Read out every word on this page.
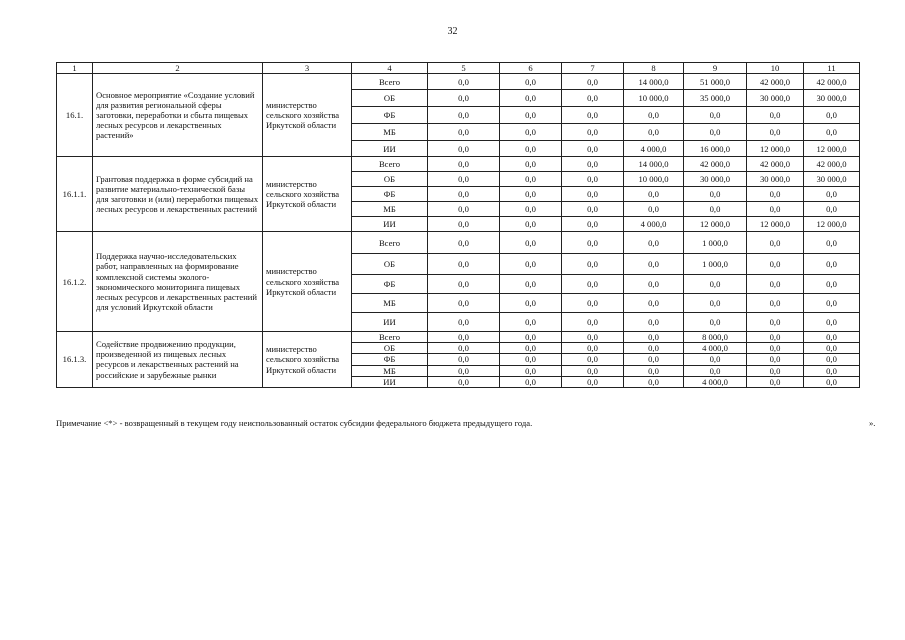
32
1	2	3	4	5	6	7	8	9	10	11
16.1.	Основное мероприятие «Создание условий для развития региональной сферы заготовки, переработки и сбыта пищевых лесных ресурсов и лекарственных растений»	министерство сельского хозяйства Иркутской области	Всего	0,0	0,0	0,0	14 000,0	51 000,0	42 000,0	42 000,0
			ОБ	0,0	0,0	0,0	10 000,0	35 000,0	30 000,0	30 000,0
			ФБ	0,0	0,0	0,0	0,0	0,0	0,0	0,0
			МБ	0,0	0,0	0,0	0,0	0,0	0,0	0,0
			ИИ	0,0	0,0	0,0	4 000,0	16 000,0	12 000,0	12 000,0
16.1.1.	Грантовая поддержка в форме субсидий на развитие материально-технической базы для заготовки и (или) переработки пищевых лесных ресурсов и лекарственных растений	министерство сельского хозяйства Иркутской области	Всего	0,0	0,0	0,0	14 000,0	42 000,0	42 000,0	42 000,0
			ОБ	0,0	0,0	0,0	10 000,0	30 000,0	30 000,0	30 000,0
			ФБ	0,0	0,0	0,0	0,0	0,0	0,0	0,0
			МБ	0,0	0,0	0,0	0,0	0,0	0,0	0,0
			ИИ	0,0	0,0	0,0	4 000,0	12 000,0	12 000,0	12 000,0
16.1.2.	Поддержка научно-исследовательских работ, направленных на формирование комплексной системы эколого-экономического мониторинга пищевых лесных ресурсов и лекарственных растений для условий Иркутской области	министерство сельского хозяйства Иркутской области	Всего	0,0	0,0	0,0	0,0	1 000,0	0,0	0,0
			ОБ	0,0	0,0	0,0	0,0	1 000,0	0,0	0,0
			ФБ	0,0	0,0	0,0	0,0	0,0	0,0	0,0
			МБ	0,0	0,0	0,0	0,0	0,0	0,0	0,0
			ИИ	0,0	0,0	0,0	0,0	0,0	0,0	0,0
16.1.3.	Содействие продвижению продукции, произведенной из пищевых лесных ресурсов и лекарственных растений на российские и зарубежные рынки	министерство сельского хозяйства Иркутской области	Всего	0,0	0,0	0,0	0,0	8 000,0	0,0	0,0
			ОБ	0,0	0,0	0,0	0,0	4 000,0	0,0	0,0
			ФБ	0,0	0,0	0,0	0,0	0,0	0,0	0,0
			МБ	0,0	0,0	0,0	0,0	0,0	0,0	0,0
			ИИ	0,0	0,0	0,0	0,0	4 000,0	0,0	0,0
Примечание <*> - возвращенный в текущем году неиспользованный остаток субсидии федерального бюджета предыдущего года.	».
